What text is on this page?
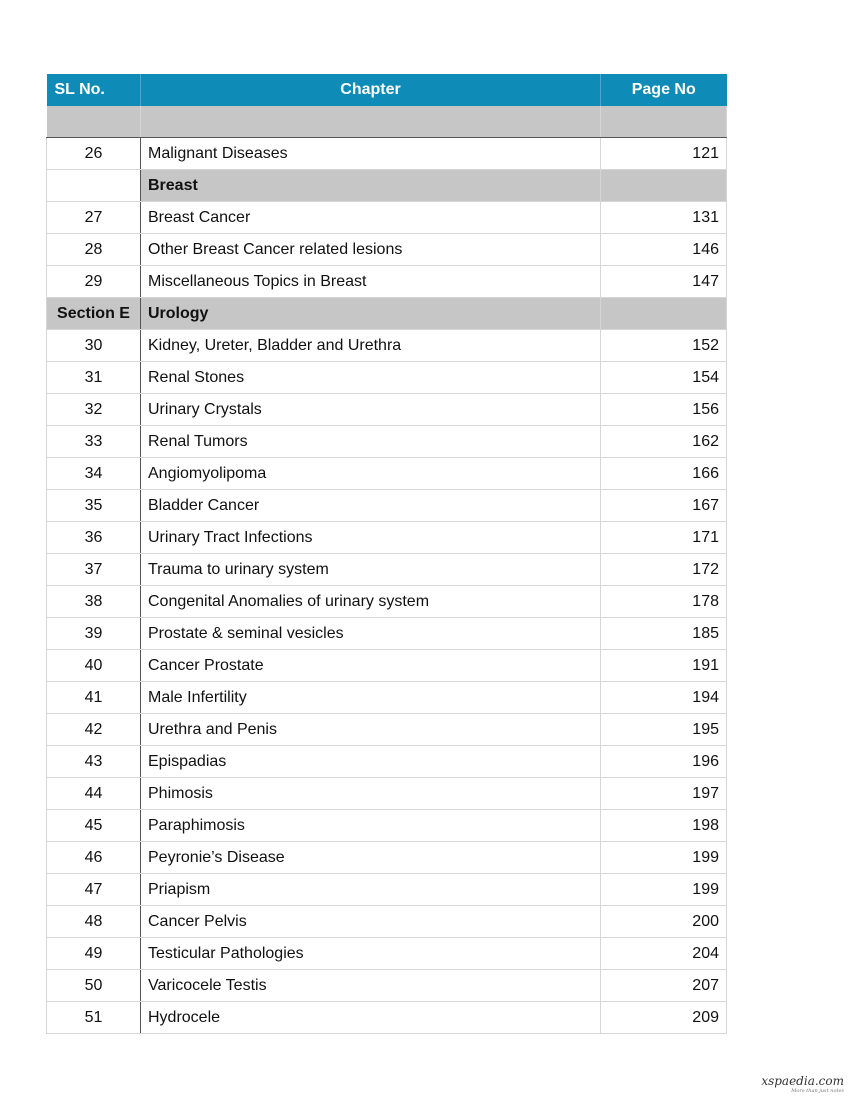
SL No.	Chapter	Page No

26	Malignant Diseases	121
	Breast	
27	Breast Cancer	131
28	Other Breast Cancer related lesions	146
29	Miscellaneous Topics in Breast	147
Section E	Urology	
30	Kidney, Ureter, Bladder and Urethra	152
31	Renal Stones	154
32	Urinary Crystals	156
33	Renal Tumors	162
34	Angiomyolipoma	166
35	Bladder Cancer	167
36	Urinary Tract Infections	171
37	Trauma to urinary system	172
38	Congenital Anomalies of urinary system	178
39	Prostate & seminal vesicles	185
40	Cancer Prostate	191
41	Male Infertility	194
42	Urethra and Penis	195
43	Epispadias	196
44	Phimosis	197
45	Paraphimosis	198
46	Peyronie’s Disease	199
47	Priapism	199
48	Cancer Pelvis	200
49	Testicular Pathologies	204
50	Varicocele Testis	207
51	Hydrocele	209
xspaedia.com
More than just notes
